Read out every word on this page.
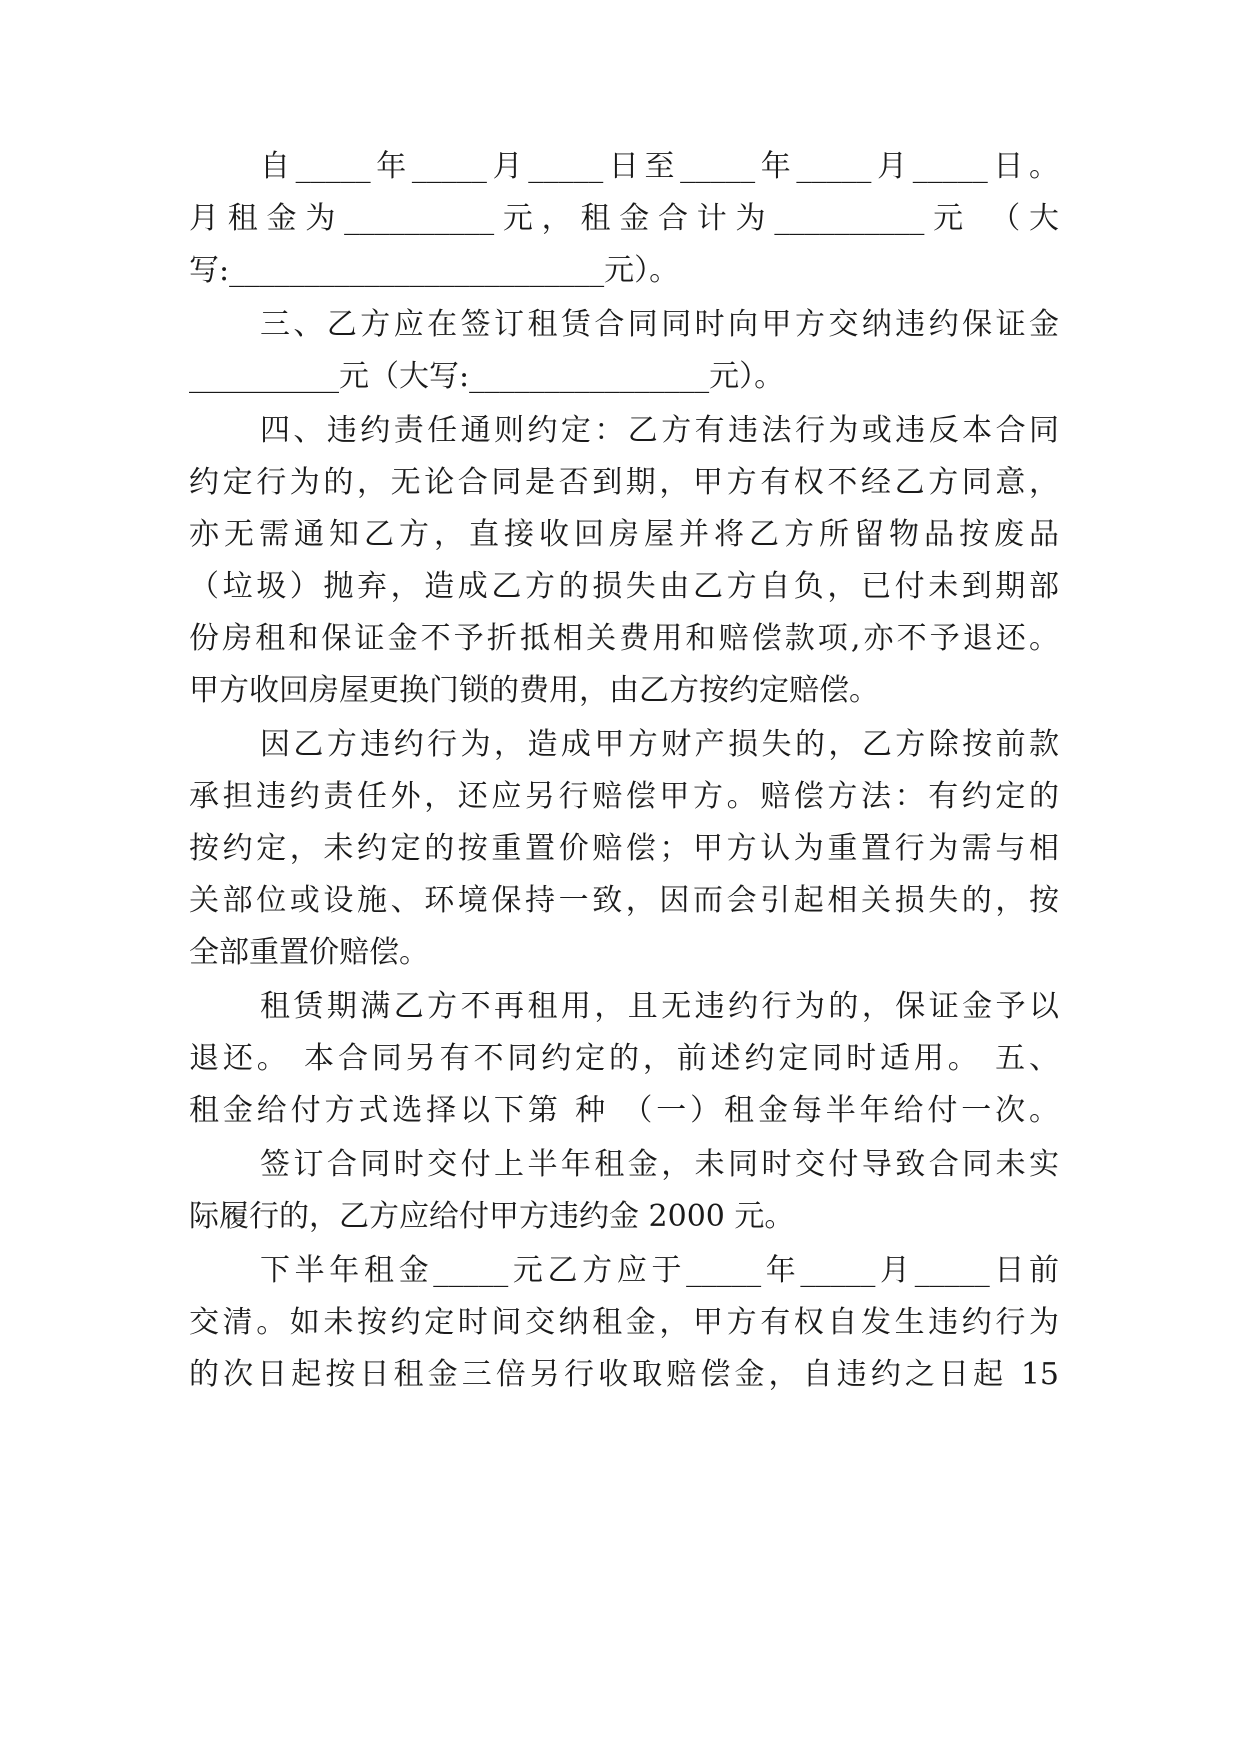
自_____年_____月_____日至_____年_____月_____日。
月租金为__________元，租金合计为__________元 （大
写:_________________________元）。
三、乙方应在签订租赁合同同时向甲方交纳违约保证金
__________元（大写:________________元）。
四、违约责任通则约定：乙方有违法行为或违反本合同
约定行为的，无论合同是否到期，甲方有权不经乙方同意，
亦无需通知乙方，直接收回房屋并将乙方所留物品按废品
（垃圾）抛弃，造成乙方的损失由乙方自负，已付未到期部
份房租和保证金不予折抵相关费用和赔偿款项,亦不予退还。
甲方收回房屋更换门锁的费用，由乙方按约定赔偿。
因乙方违约行为，造成甲方财产损失的，乙方除按前款
承担违约责任外，还应另行赔偿甲方。赔偿方法：有约定的
按约定，未约定的按重置价赔偿；甲方认为重置行为需与相
关部位或设施、环境保持一致，因而会引起相关损失的，按
全部重置价赔偿。
租赁期满乙方不再租用，且无违约行为的，保证金予以
退还。 本合同另有不同约定的，前述约定同时适用。 五、
租金给付方式选择以下第 种 （一）租金每半年给付一次。
签订合同时交付上半年租金，未同时交付导致合同未实
际履行的，乙方应给付甲方违约金 2000 元。
下半年租金_____元乙方应于_____年_____月_____日前
交清。如未按约定时间交纳租金，甲方有权自发生违约行为
的次日起按日租金三倍另行收取赔偿金，自违约之日起 15
